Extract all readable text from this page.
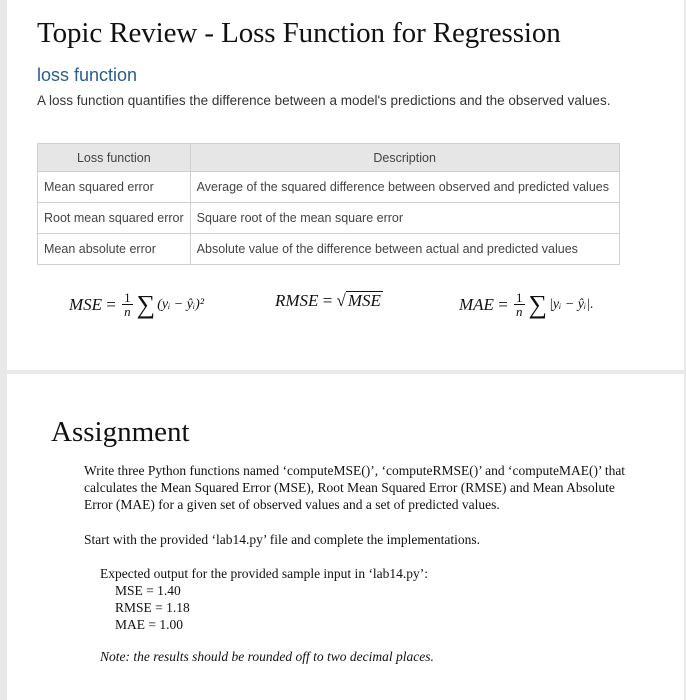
Topic Review - Loss Function for Regression
loss function
A loss function quantifies the difference between a model's predictions and the observed values.
Loss function	Description
Mean squared error	Average of the squared difference between observed and predicted values
Root mean squared error	Square root of the mean square error
Mean absolute error	Absolute value of the difference between actual and predicted values
MSE = $\frac{1}{n}$ ∑ (yᵢ − ŷᵢ)²	RMSE = √ MSE	MAE = $\frac{1}{n}$ ∑ |yᵢ − ŷᵢ|.
Assignment
Write three Python functions named ‘computeMSE()’, ‘computeRMSE()’ and ‘computeMAE()’ that calculates the Mean Squared Error (MSE), Root Mean Squared Error (RMSE) and Mean Absolute Error (MAE) for a given set of observed values and a set of predicted values.
Start with the provided ‘lab14.py’ file and complete the implementations.
Expected output for the provided sample input in ‘lab14.py’:
MSE = 1.40
RMSE = 1.18
MAE = 1.00
Note: the results should be rounded off to two decimal places.
